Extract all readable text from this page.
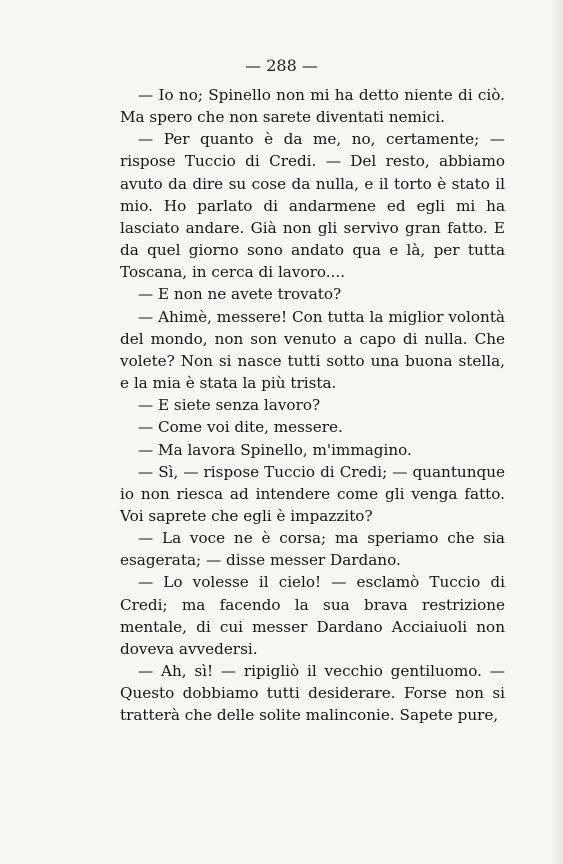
— 288 —

— Io no; Spinello non mi ha detto niente di ciò. Ma spero che non sarete diventati nemici.

— Per quanto è da me, no, certamente; — rispose Tuccio di Credi. — Del resto, abbiamo avuto da dire su cose da nulla, e il torto è stato il mio. Ho parlato di andarmene ed egli mi ha lasciato andare. Già non gli servivo gran fatto. E da quel giorno sono andato qua e là, per tutta Toscana, in cerca di lavoro....

— E non ne avete trovato?

— Ahimè, messere! Con tutta la miglior volontà del mondo, non son venuto a capo di nulla. Che volete? Non si nasce tutti sotto una buona stella, e la mia è stata la più trista.

— E siete senza lavoro?

— Come voi dite, messere.

— Ma lavora Spinello, m'immagino.

— Sì, — rispose Tuccio di Credi; — quantunque io non riesca ad intendere come gli venga fatto. Voi saprete che egli è impazzito?

— La voce ne è corsa; ma speriamo che sia esagerata; — disse messer Dardano.

— Lo volesse il cielo! — esclamò Tuccio di Credi; ma facendo la sua brava restrizione mentale, di cui messer Dardano Acciaiuoli non doveva avvedersi.

— Ah, sì! — ripigliò il vecchio gentiluomo. — Questo dobbiamo tutti desiderare. Forse non si tratterà che delle solite malinconie. Sapete pure,
